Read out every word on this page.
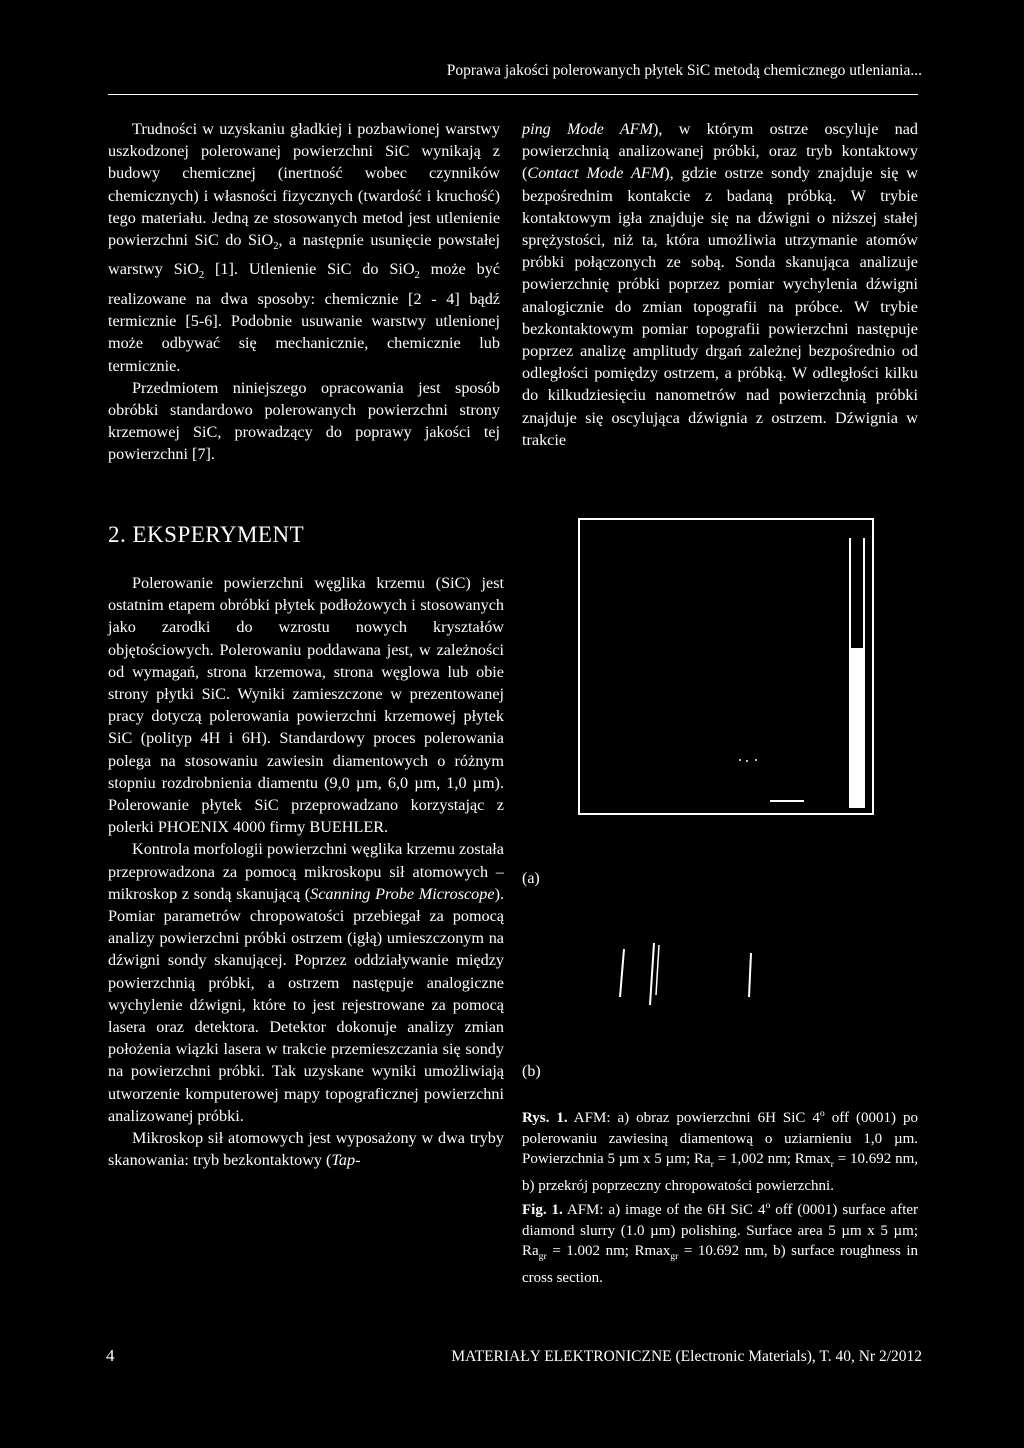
Poprawa jakości polerowanych płytek SiC metodą chemicznego utleniania...

Trudności w uzyskaniu gładkiej i pozbawionej warstwy uszkodzonej polerowanej powierzchni SiC wynikają z budowy chemicznej (inertność wobec czynników chemicznych) i własności fizycznych (twardość i kruchość) tego materiału. Jedną ze stosowanych metod jest utlenienie powierzchni SiC do SiO$_2$, a następnie usunięcie powstałej warstwy SiO$_2$ [1]. Utlenienie SiC do SiO$_2$ może być realizowane na dwa sposoby: chemicznie [2 - 4] bądź termicznie [5-6]. Podobnie usuwanie warstwy utlenionej może odbywać się mechanicznie, chemicznie lub termicznie.

Przedmiotem niniejszego opracowania jest sposób obróbki standardowo polerowanych powierzchni strony krzemowej SiC, prowadzący do poprawy jakości tej powierzchni [7].

ping Mode AFM), w którym ostrze oscyluje nad powierzchnią analizowanej próbki, oraz tryb kontaktowy (Contact Mode AFM), gdzie ostrze sondy znajduje się w bezpośrednim kontakcie z badaną próbką. W trybie kontaktowym igła znajduje się na dźwigni o niższej stałej sprężystości, niż ta, która umożliwia utrzymanie atomów próbki połączonych ze sobą. Sonda skanująca analizuje powierzchnię próbki poprzez pomiar wychylenia dźwigni analogicznie do zmian topografii na próbce. W trybie bezkontaktowym pomiar topografii powierzchni następuje poprzez analizę amplitudy drgań zależnej bezpośrednio od odległości pomiędzy ostrzem, a próbką. W odległości kilku do kilkudziesięciu nanometrów nad powierzchnią próbki znajduje się oscylująca dźwignia z ostrzem. Dźwignia w trakcie

2. EKSPERYMENT

Polerowanie powierzchni węglika krzemu (SiC) jest ostatnim etapem obróbki płytek podłożowych i stosowanych jako zarodki do wzrostu nowych kryształów objętościowych. Polerowaniu poddawana jest, w zależności od wymagań, strona krzemowa, strona węglowa lub obie strony płytki SiC. Wyniki zamieszczone w prezentowanej pracy dotyczą polerowania powierzchni krzemowej płytek SiC (polityp 4H i 6H). Standardowy proces polerowania polega na stosowaniu zawiesin diamentowych o różnym stopniu rozdrobnienia diamentu (9,0 µm, 6,0 µm, 1,0 µm). Polerowanie płytek SiC przeprowadzano korzystając z polerki PHOENIX 4000 firmy BUEHLER.

Kontrola morfologii powierzchni węglika krzemu została przeprowadzona za pomocą mikroskopu sił atomowych – mikroskop z sondą skanującą (Scanning Probe Microscope). Pomiar parametrów chropowatości przebiegał za pomocą analizy powierzchni próbki ostrzem (igłą) umieszczonym na dźwigni sondy skanującej. Poprzez oddziaływanie między powierzchnią próbki, a ostrzem następuje analogiczne wychylenie dźwigni, które to jest rejestrowane za pomocą lasera oraz detektora. Detektor dokonuje analizy zmian położenia wiązki lasera w trakcie przemieszczania się sondy na powierzchni próbki. Tak uzyskane wyniki umożliwiają utworzenie komputerowej mapy topograficznej powierzchni analizowanej próbki.

Mikroskop sił atomowych jest wyposażony w dwa tryby skanowania: tryb bezkontaktowy (Tap-

(a)
(b)

Rys. 1. AFM: a) obraz powierzchni 6H SiC 4$^o$ off (0001) po polerowaniu zawiesiną diamentową o uziarnieniu 1,0 µm. Powierzchnia 5 µm x 5 µm; $Ra_r = 1,002$ nm; Rmax$_r$ = 10.692 nm, b) przekrój poprzeczny chropowatości powierzchni.

Fig. 1. AFM: a) image of the 6H SiC 4$^o$ off (0001) surface after diamond slurry (1.0 µm) polishing. Surface area 5 µm x 5 µm; $Ra_{gr} = 1.002$ nm; Rmax$_{gr}$ = 10.692 nm, b) surface roughness in cross section.

4	MATERIAŁY ELEKTRONICZNE (Electronic Materials), T. 40, Nr 2/2012
